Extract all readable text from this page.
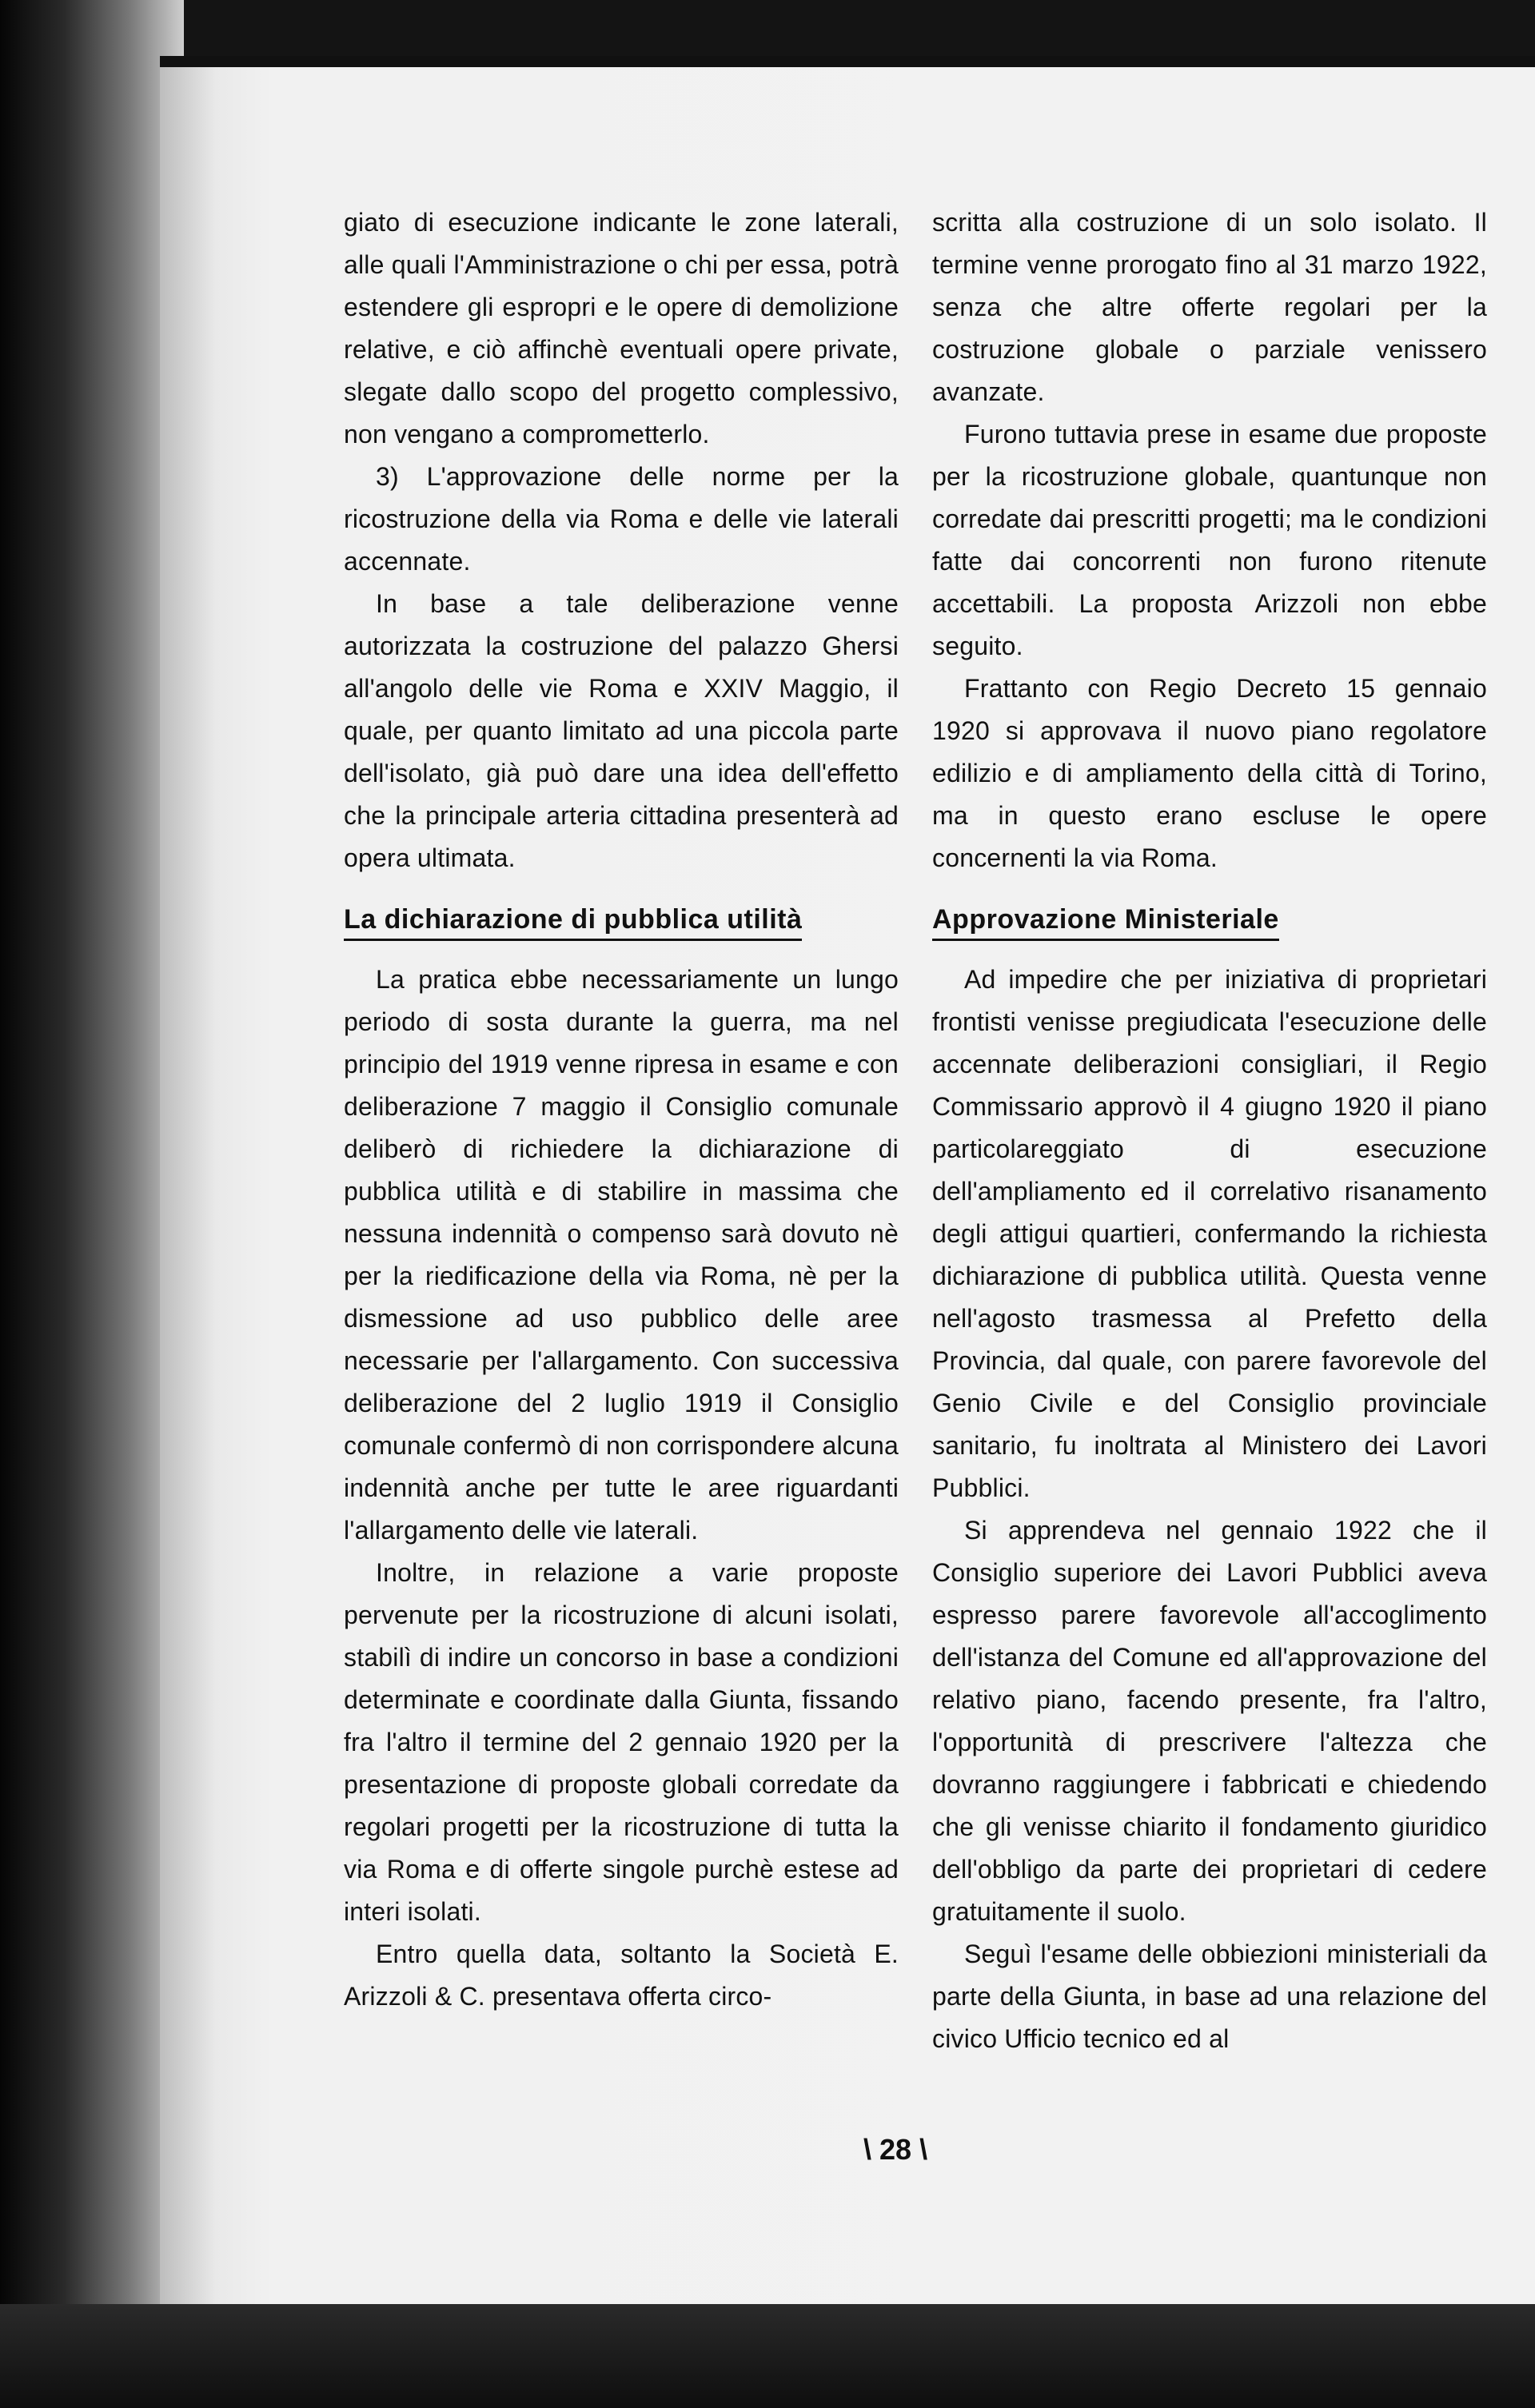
giato di esecuzione indicante le zone laterali, alle quali l'Amministrazione o chi per essa, potrà estendere gli espropri e le opere di demolizione relative, e ciò affinchè eventuali opere private, slegate dallo scopo del progetto complessivo, non vengano a comprometterlo.

3) L'approvazione delle norme per la ricostruzione della via Roma e delle vie laterali accennate.

In base a tale deliberazione venne autorizzata la costruzione del palazzo Ghersi all'angolo delle vie Roma e XXIV Maggio, il quale, per quanto limitato ad una piccola parte dell'isolato, già può dare una idea dell'effetto che la principale arteria cittadina presenterà ad opera ultimata.

La dichiarazione di pubblica utilità

La pratica ebbe necessariamente un lungo periodo di sosta durante la guerra, ma nel principio del 1919 venne ripresa in esame e con deliberazione 7 maggio il Consiglio comunale deliberò di richiedere la dichiarazione di pubblica utilità e di stabilire in massima che nessuna indennità o compenso sarà dovuto nè per la riedificazione della via Roma, nè per la dismessione ad uso pubblico delle aree necessarie per l'allargamento. Con successiva deliberazione del 2 luglio 1919 il Consiglio comunale confermò di non corrispondere alcuna indennità anche per tutte le aree riguardanti l'allargamento delle vie laterali.

Inoltre, in relazione a varie proposte pervenute per la ricostruzione di alcuni isolati, stabilì di indire un concorso in base a condizioni determinate e coordinate dalla Giunta, fissando fra l'altro il termine del 2 gennaio 1920 per la presentazione di proposte globali corredate da regolari progetti per la ricostruzione di tutta la via Roma e di offerte singole purchè estese ad interi isolati.

Entro quella data, soltanto la Società E. Arizzoli & C. presentava offerta circo-

scritta alla costruzione di un solo isolato. Il termine venne prorogato fino al 31 marzo 1922, senza che altre offerte regolari per la costruzione globale o parziale venissero avanzate.

Furono tuttavia prese in esame due proposte per la ricostruzione globale, quantunque non corredate dai prescritti progetti; ma le condizioni fatte dai concorrenti non furono ritenute accettabili. La proposta Arizzoli non ebbe seguito.

Frattanto con Regio Decreto 15 gennaio 1920 si approvava il nuovo piano regolatore edilizio e di ampliamento della città di Torino, ma in questo erano escluse le opere concernenti la via Roma.

Approvazione Ministeriale

Ad impedire che per iniziativa di proprietari frontisti venisse pregiudicata l'esecuzione delle accennate deliberazioni consigliari, il Regio Commissario approvò il 4 giugno 1920 il piano particolareggiato di esecuzione dell'ampliamento ed il correlativo risanamento degli attigui quartieri, confermando la richiesta dichiarazione di pubblica utilità. Questa venne nell'agosto trasmessa al Prefetto della Provincia, dal quale, con parere favorevole del Genio Civile e del Consiglio provinciale sanitario, fu inoltrata al Ministero dei Lavori Pubblici.

Si apprendeva nel gennaio 1922 che il Consiglio superiore dei Lavori Pubblici aveva espresso parere favorevole all'accoglimento dell'istanza del Comune ed all'approvazione del relativo piano, facendo presente, fra l'altro, l'opportunità di prescrivere l'altezza che dovranno raggiungere i fabbricati e chiedendo che gli venisse chiarito il fondamento giuridico dell'obbligo da parte dei proprietari di cedere gratuitamente il suolo.

Seguì l'esame delle obbiezioni ministeriali da parte della Giunta, in base ad una relazione del civico Ufficio tecnico ed al

\ 28 \
